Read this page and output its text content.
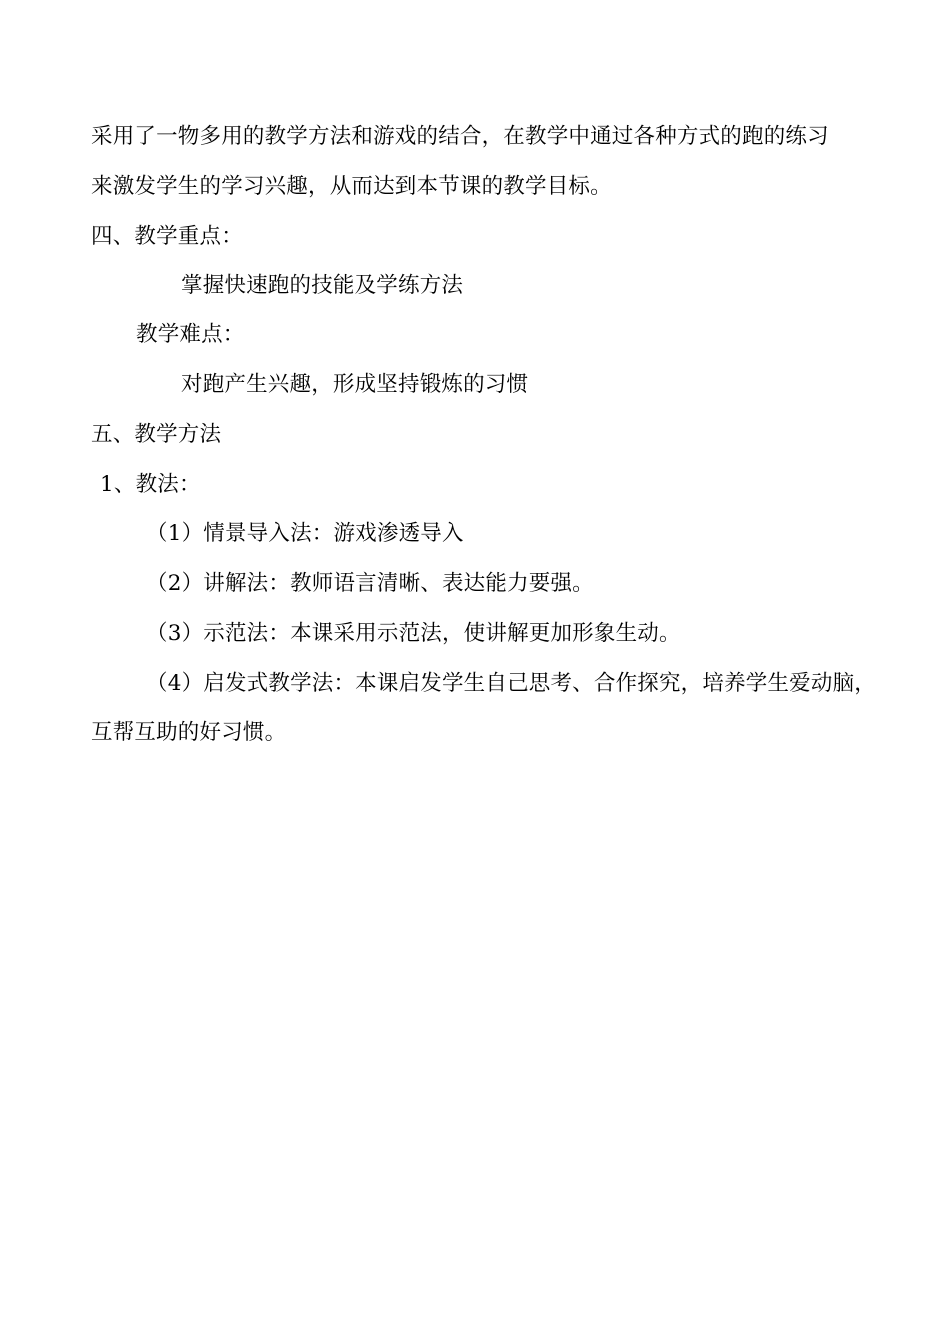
采用了一物多用的教学方法和游戏的结合，在教学中通过各种方式的跑的练习
来激发学生的学习兴趣，从而达到本节课的教学目标。
四、教学重点：
掌握快速跑的技能及学练方法
教学难点：
对跑产生兴趣，形成坚持锻炼的习惯
五、教学方法
1、教法：
（1）情景导入法：游戏渗透导入
（2）讲解法：教师语言清晰、表达能力要强。
（3）示范法：本课采用示范法，使讲解更加形象生动。
（4）启发式教学法：本课启发学生自己思考、合作探究，培养学生爱动脑，
互帮互助的好习惯。
